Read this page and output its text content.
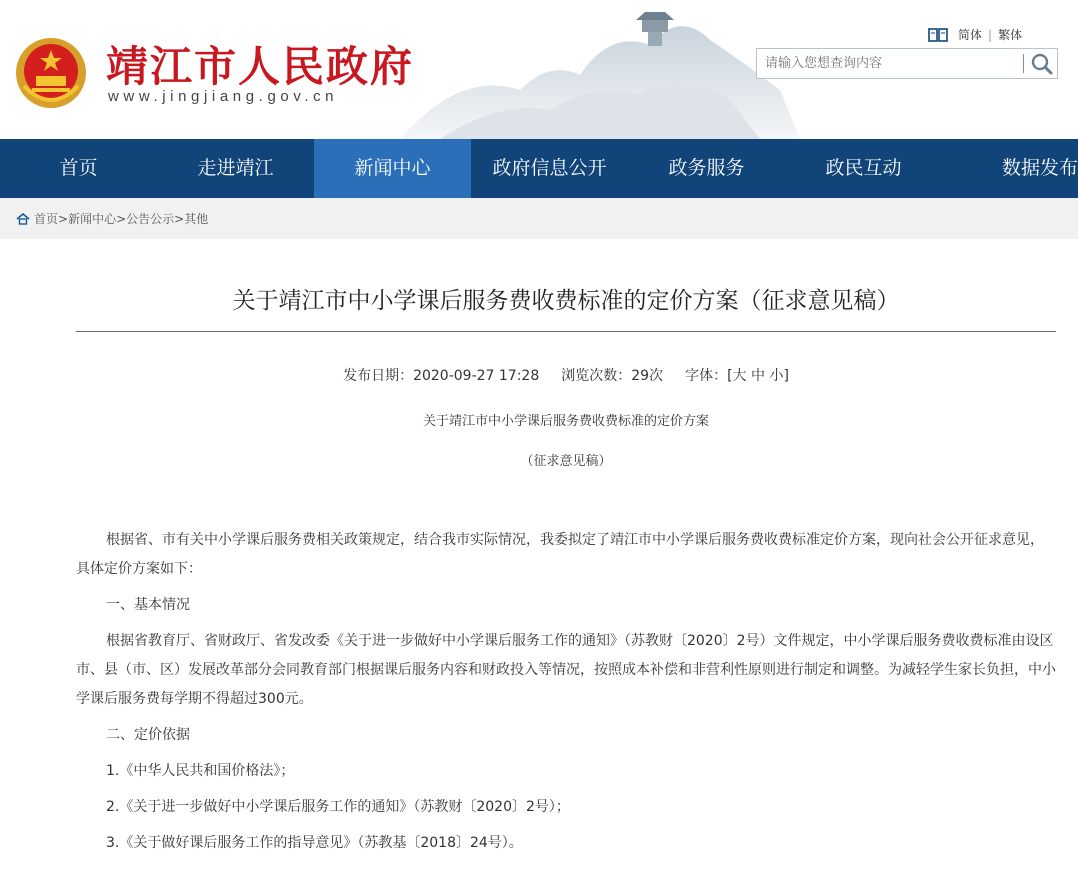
靖江市人民政府
www.jingjiang.gov.cn
简体 | 繁体
请输入您想查询内容
首页	走进靖江	新闻中心	政府信息公开	政务服务	政民互动	数据发布
首页 > 新闻中心 > 公告公示 > 其他
关于靖江市中小学课后服务费收费标准的定价方案（征求意见稿）
发布日期：2020-09-27 17:28 浏览次数：29次 字体：[大 中 小]
关于靖江市中小学课后服务费收费标准的定价方案
（征求意见稿）

根据省、市有关中小学课后服务费相关政策规定，结合我市实际情况，我委拟定了靖江市中小学课后服务费收费标准定价方案，现向社会公开征求意见，具体定价方案如下：

一、基本情况

根据省教育厅、省财政厅、省发改委《关于进一步做好中小学课后服务工作的通知》（苏教财〔2020〕2号）文件规定，中小学课后服务费收费标准由设区市、县（市、区）发展改革部分会同教育部门根据课后服务内容和财政投入等情况，按照成本补偿和非营利性原则进行制定和调整。为减轻学生家长负担，中小学课后服务费每学期不得超过300元。

二、定价依据

1.《中华人民共和国价格法》；

2.《关于进一步做好中小学课后服务工作的通知》（苏教财〔2020〕2号）；

3.《关于做好课后服务工作的指导意见》（苏教基〔2018〕24号）。
